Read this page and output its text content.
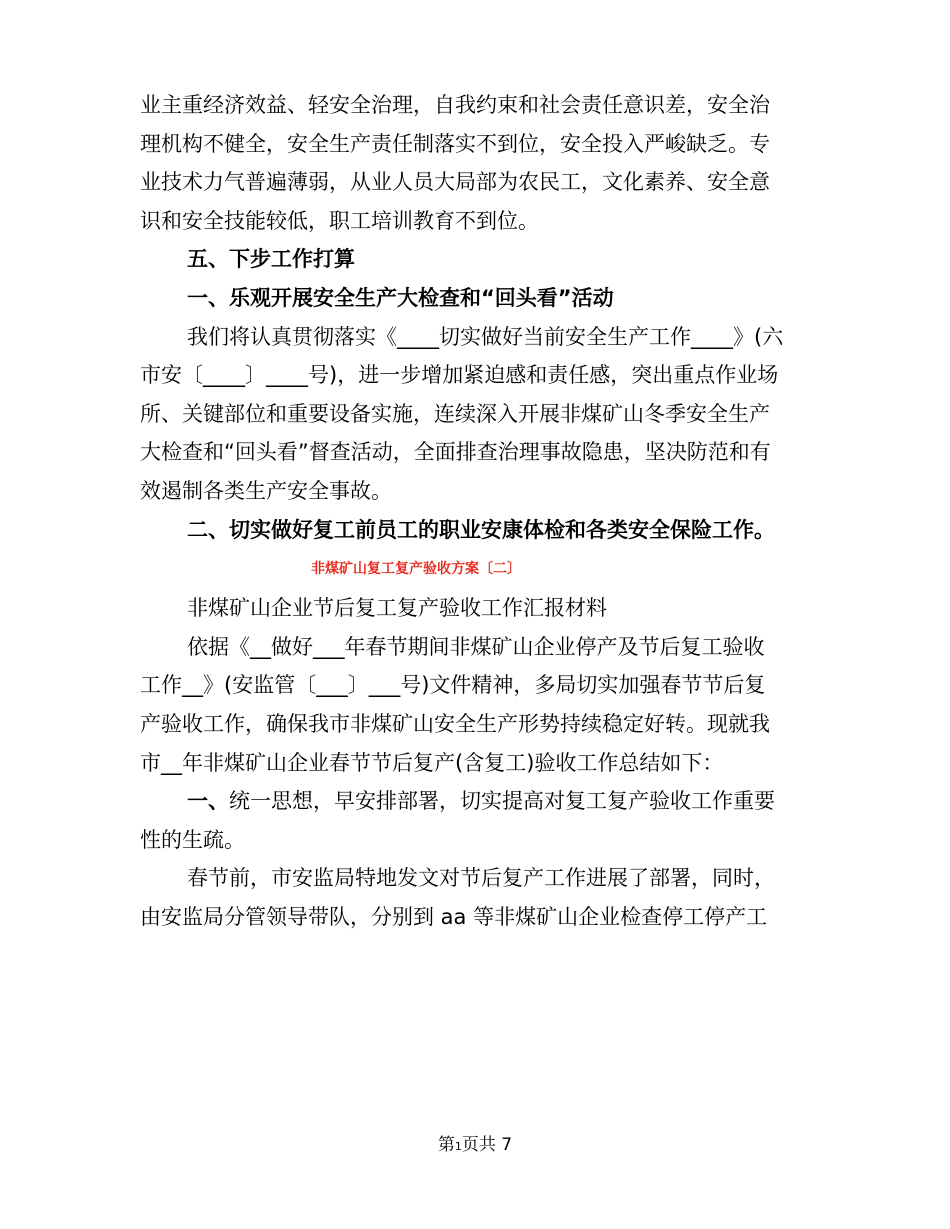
业主重经济效益、轻安全治理，自我约束和社会责任意识差，安全治
理机构不健全，安全生产责任制落实不到位，安全投入严峻缺乏。专
业技术力气普遍薄弱，从业人员大局部为农民工，文化素养、安全意
识和安全技能较低，职工培训教育不到位。
五、下步工作打算
一、乐观开展安全生产大检查和“回头看”活动
我们将认真贯彻落实《____切实做好当前安全生产工作____》(六
市安〔____〕____号)，进一步增加紧迫感和责任感，突出重点作业场
所、关键部位和重要设备实施，连续深入开展非煤矿山冬季安全生产
大检查和“回头看”督查活动，全面排查治理事故隐患，坚决防范和有
效遏制各类生产安全事故。
二、切实做好复工前员工的职业安康体检和各类安全保险工作。
非煤矿山复工复产验收方案〔二〕
非煤矿山企业节后复工复产验收工作汇报材料
依据《__做好___年春节期间非煤矿山企业停产及节后复工验收
工作__》(安监管〔___〕___号)文件精神，多局切实加强春节节后复
产验收工作，确保我市非煤矿山安全生产形势持续稳定好转。现就我
市__年非煤矿山企业春节节后复产(含复工)验收工作总结如下：
一、统一思想，早安排部署，切实提高对复工复产验收工作重要
性的生疏。
春节前，市安监局特地发文对节后复产工作进展了部署，同时，
由安监局分管领导带队，分别到 aa 等非煤矿山企业检查停工停产工
第1页共 7
